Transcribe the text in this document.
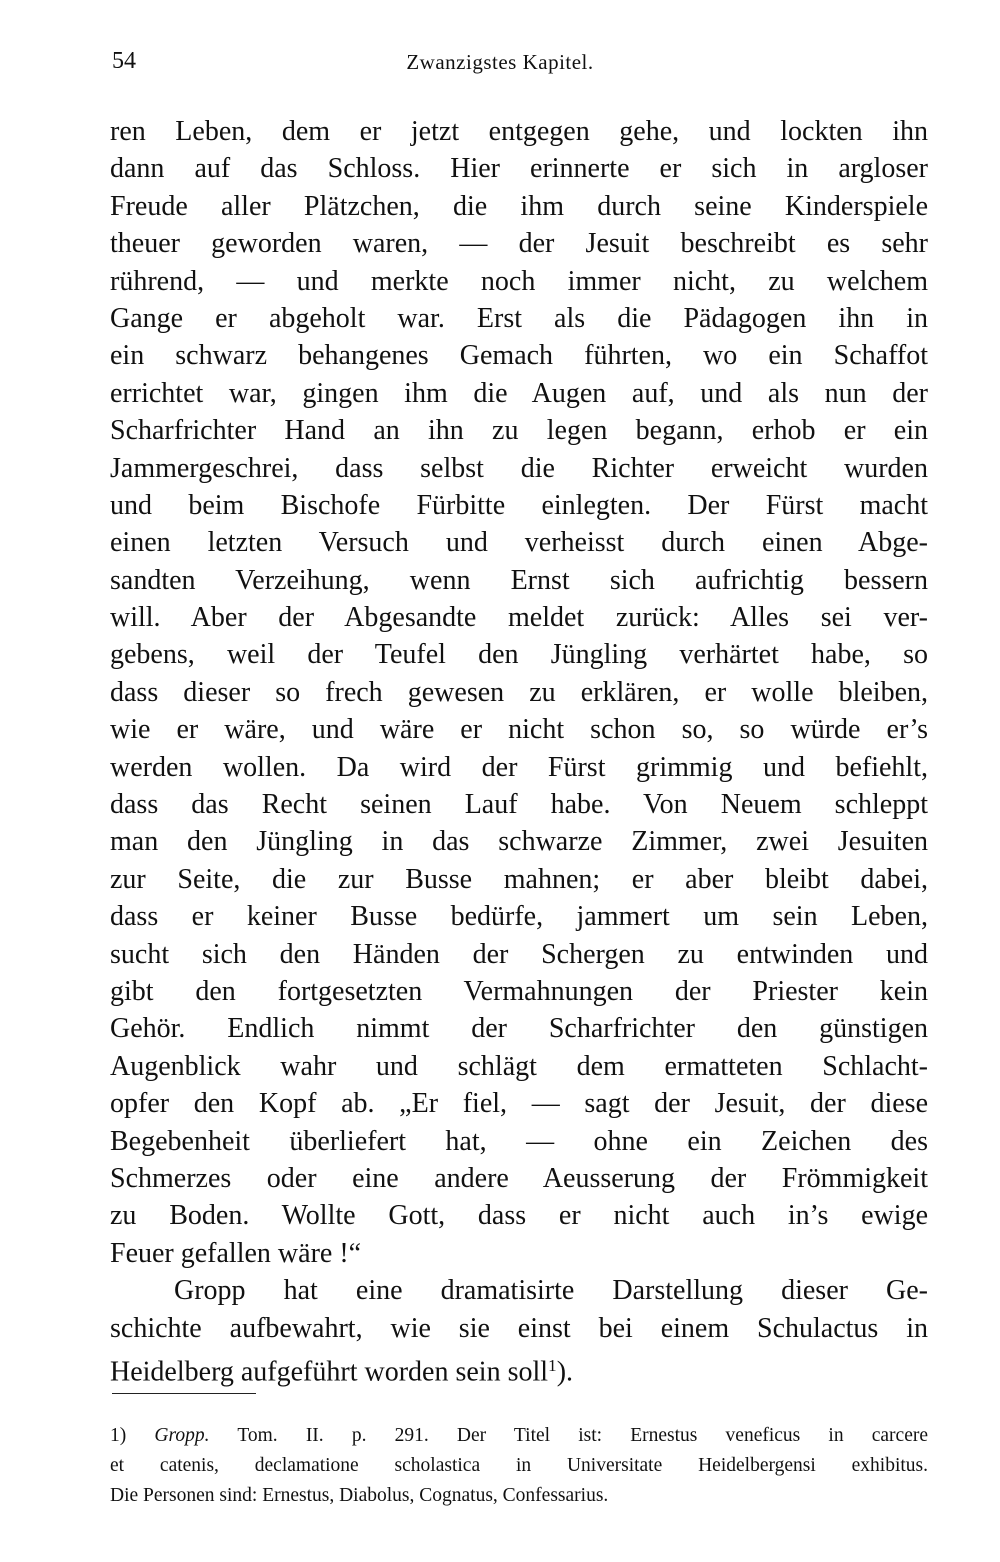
54	Zwanzigstes Kapitel.
ren Leben, dem er jetzt entgegen gehe, und lockten ihn
dann auf das Schloss. Hier erinnerte er sich in argloser
Freude aller Plätzchen, die ihm durch seine Kinderspiele
theuer geworden waren, — der Jesuit beschreibt es sehr
rührend, — und merkte noch immer nicht, zu welchem
Gange er abgeholt war. Erst als die Pädagogen ihn in
ein schwarz behangenes Gemach führten, wo ein Schaffot
errichtet war, gingen ihm die Augen auf, und als nun der
Scharfrichter Hand an ihn zu legen begann, erhob er ein
Jammergeschrei, dass selbst die Richter erweicht wurden
und beim Bischofe Fürbitte einlegten. Der Fürst macht
einen letzten Versuch und verheisst durch einen Abge-
sandten Verzeihung, wenn Ernst sich aufrichtig bessern
will. Aber der Abgesandte meldet zurück: Alles sei ver-
gebens, weil der Teufel den Jüngling verhärtet habe, so
dass dieser so frech gewesen zu erklären, er wolle bleiben,
wie er wäre, und wäre er nicht schon so, so würde er’s
werden wollen. Da wird der Fürst grimmig und befiehlt,
dass das Recht seinen Lauf habe. Von Neuem schleppt
man den Jüngling in das schwarze Zimmer, zwei Jesuiten
zur Seite, die zur Busse mahnen; er aber bleibt dabei,
dass er keiner Busse bedürfe, jammert um sein Leben,
sucht sich den Händen der Schergen zu entwinden und
gibt den fortgesetzten Vermahnungen der Priester kein
Gehör. Endlich nimmt der Scharfrichter den günstigen
Augenblick wahr und schlägt dem ermatteten Schlacht-
opfer den Kopf ab. „Er fiel, — sagt der Jesuit, der diese
Begebenheit überliefert hat, — ohne ein Zeichen des
Schmerzes oder eine andere Aeusserung der Frömmigkeit
zu Boden. Wollte Gott, dass er nicht auch in’s ewige
Feuer gefallen wäre !“
Gropp hat eine dramatisirte Darstellung dieser Ge-
schichte aufbewahrt, wie sie einst bei einem Schulactus in
Heidelberg aufgeführt worden sein soll$^1$).
1) Gropp. Tom. II. p. 291. Der Titel ist: Ernestus veneficus in carcere
et catenis, declamatione scholastica in Universitate Heidelbergensi exhibitus.
Die Personen sind: Ernestus, Diabolus, Cognatus, Confessarius.
